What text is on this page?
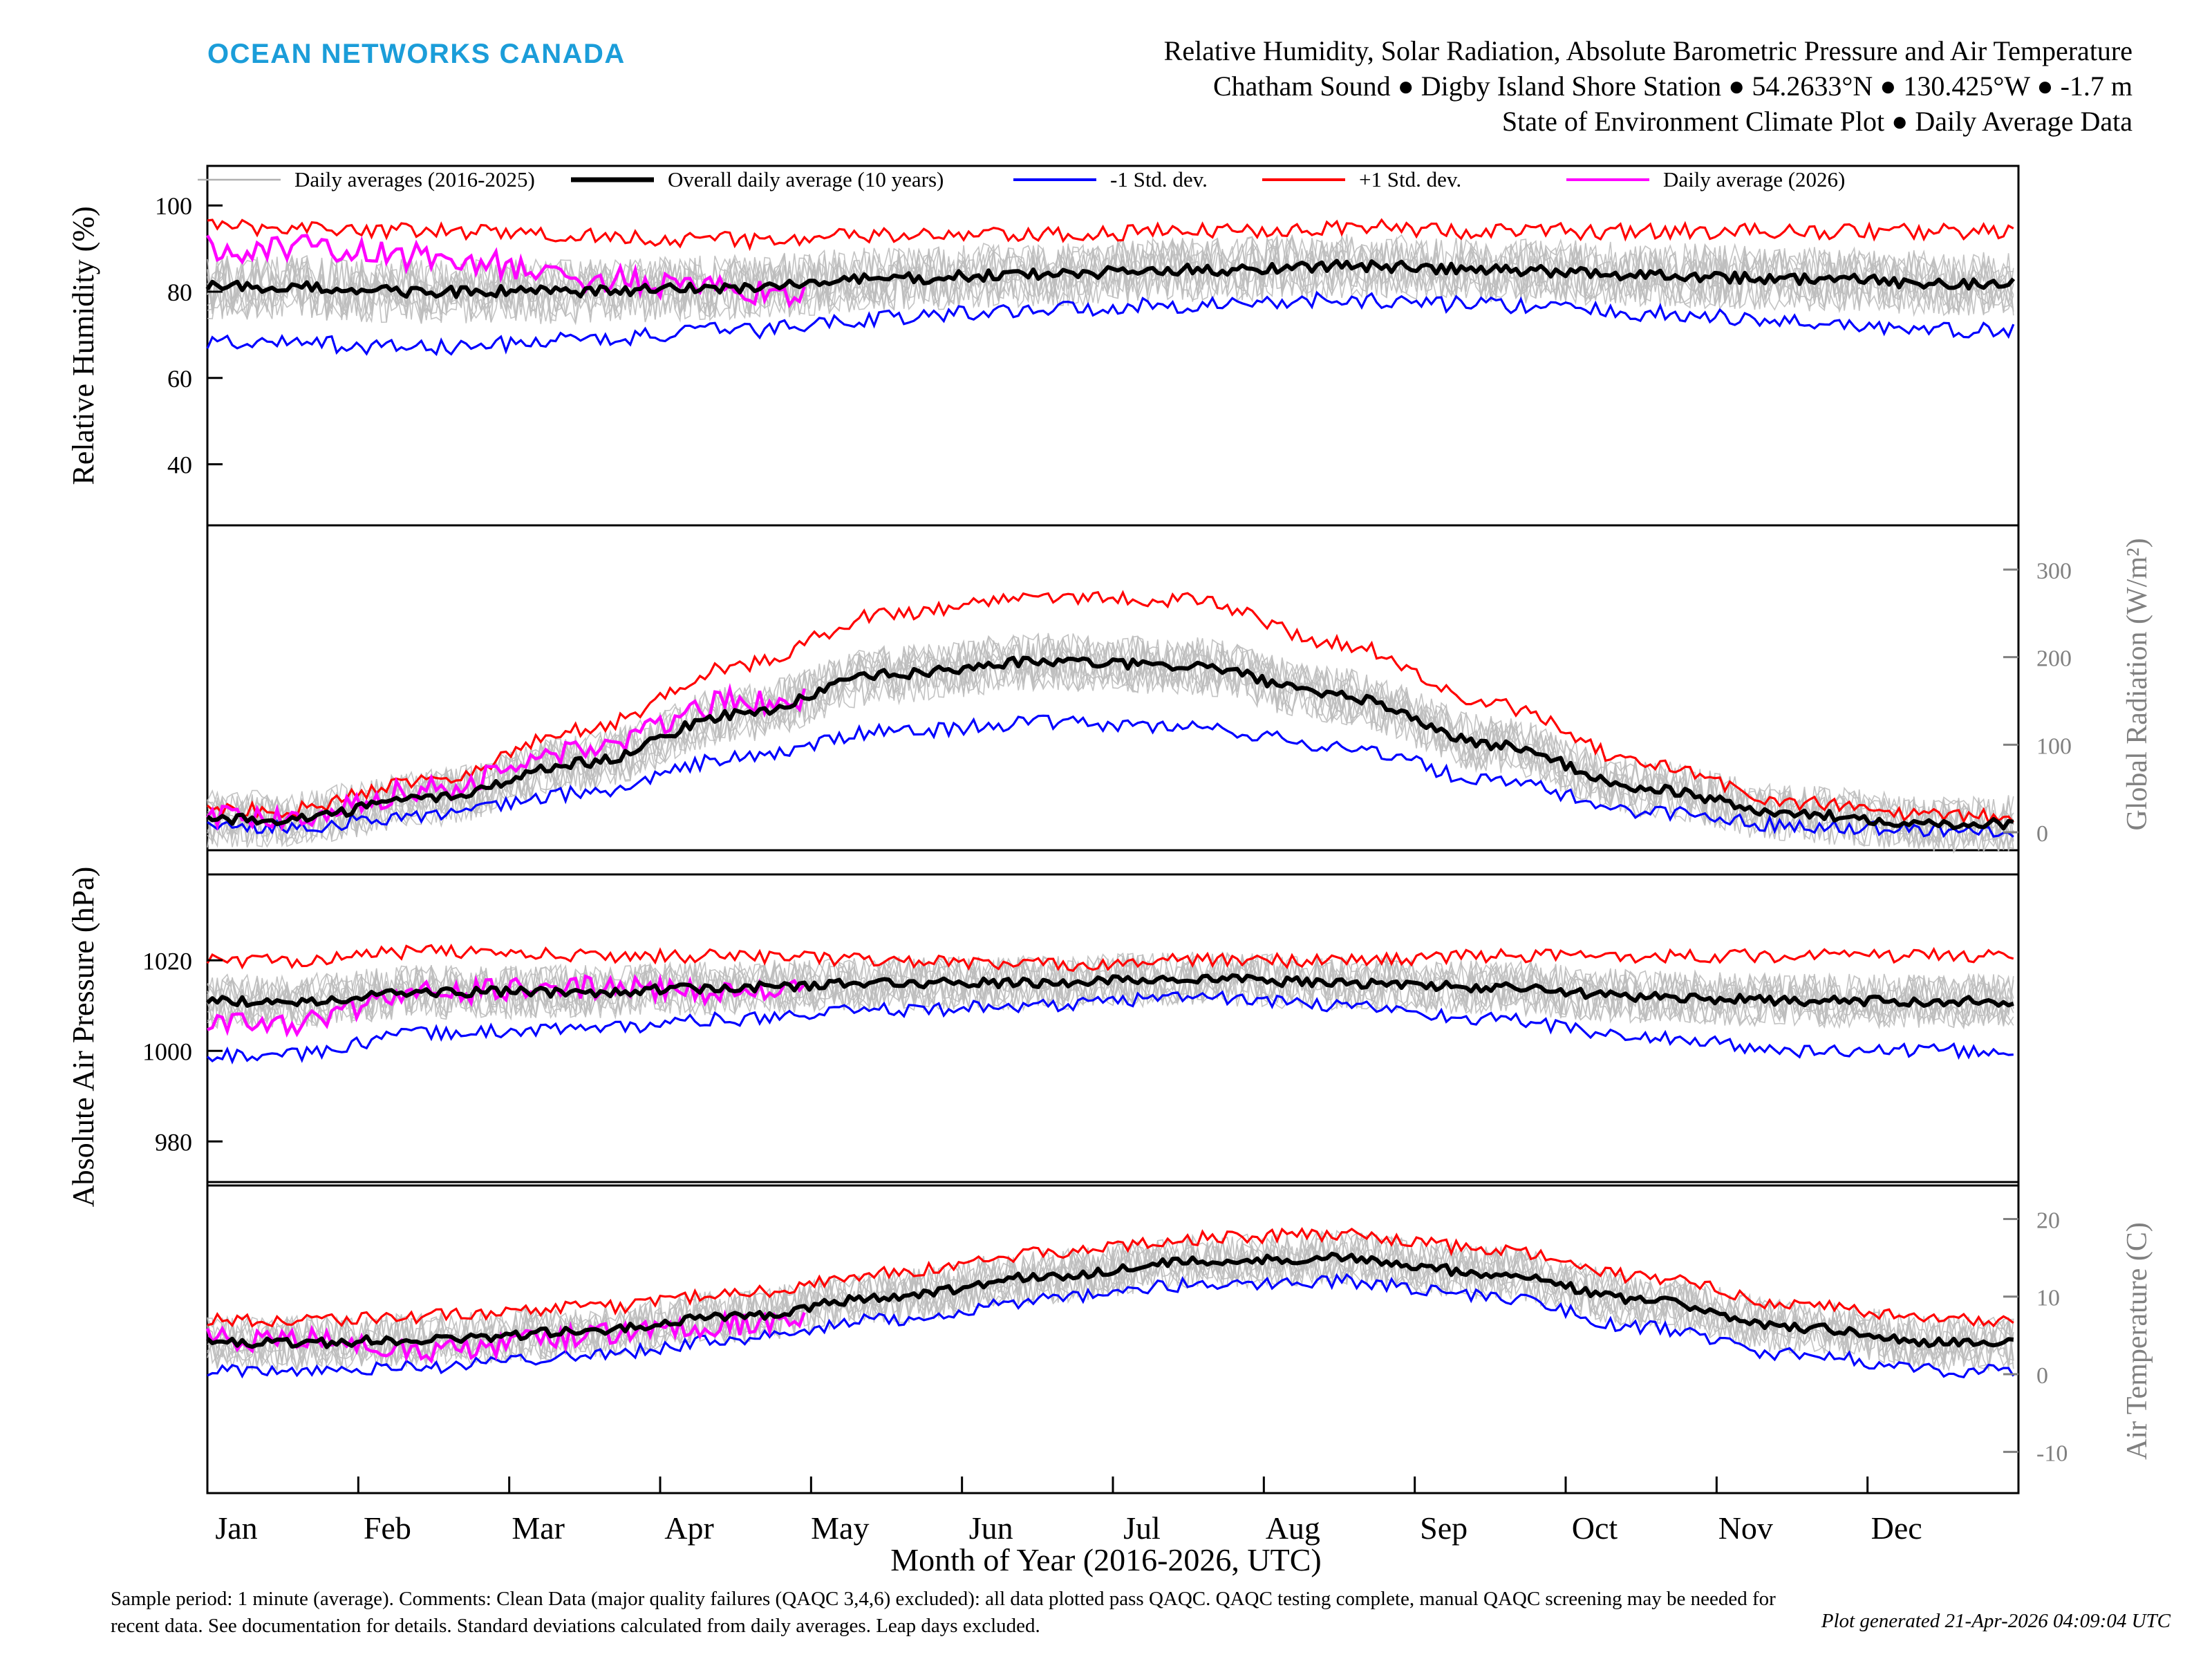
OCEAN NETWORKS CANADA	Relative Humidity, Solar Radiation, Absolute Barometric Pressure and Air Temperature
Chatham Sound ● Digby Island Shore Station ● 54.2633°N ● 130.425°W ● -1.7 m
State of Environment Climate Plot ● Daily Average Data
40
60
80
100
0
100
200
300
980
1000
1020
-10
0
10
20
Jan	Feb	Mar	Apr	May	Jun	Jul	Aug	Sep	Oct	Nov	Dec
Relative Humidity (%)
Absolute Air Pressure (hPa)
Global Radiation (W/m²)
Air Temperature (C)
Daily averages (2016-2025)	Overall daily average (10 years)	-1 Std. dev.	+1 Std. dev.	Daily average (2026)
Month of Year (2016-2026, UTC)
Sample period: 1 minute (average). Comments: Clean Data (major quality failures (QAQC 3,4,6) excluded): all data plotted pass QAQC. QAQC testing complete, manual QAQC screening may be needed for recent data. See documentation for details. Standard deviations calculated from daily averages. Leap days excluded.	Plot generated 21-Apr-2026 04:09:04 UTC
